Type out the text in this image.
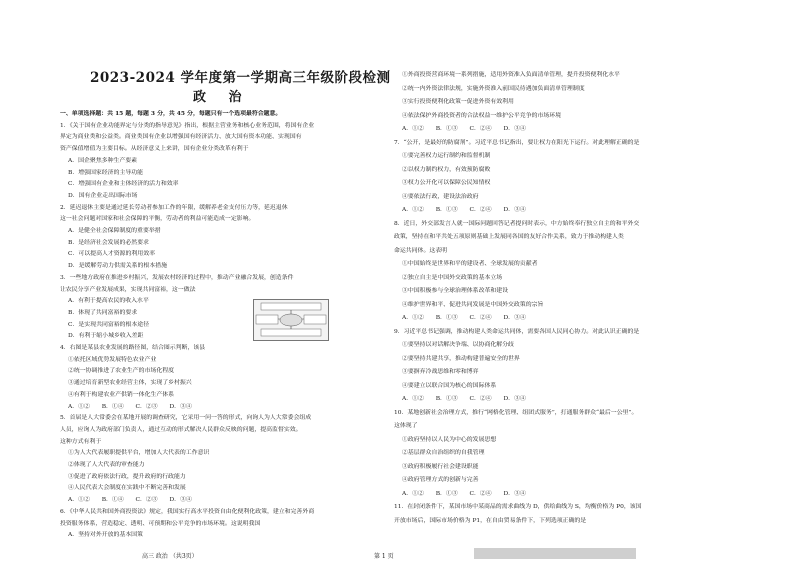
2023-2024 学年度第一学期高三年级阶段检测
政 治
一、单项选择题：共 15 题，每题 3 分，共 45 分，每题只有一个选项最符合题意。
1．《关于国有企业功能界定与分类的指导意见》指出，根据主营业务和核心业务范围，将国有企业
界定为商业类和公益类。商业类国有企业以增强国有经济活力、放大国有资本功能、实现国有
资产保值增值为主要目标。从经济意义上来讲，国有企业分类改革有利于
A．国企聚焦多种生产要素
B．增强国家经济的主导功能
C．增强国有企业和主体经济的活力和效率
D．国有企业走出国际市场
2．延迟退休主要是通过延长劳动者参加工作的年限，缓解养老金支付压力等，延迟退休
这一社会问题对国家和社会保障的平衡，劳动者的利益可能造成一定影响。
A．是健全社会保障制度的重要举措
B．是经济社会发展的必然要求
C．可以提高人才资源的利用效率
D．是缓解劳动力供需关系的根本措施
3．一些地方政府在推进乡村振兴，发展农村经济的过程中，推动产业融合发展，创造条件
让农民分享产业发展成果，实现共同富裕，这一做法
A．有利于提高农民的收入水平
B．体现了共同富裕的要求
C．是实现共同富裕的根本途径
D．有利于缩小城乡收入差距
4．右图是某县农业发展的路径图，结合图示判断，该县
①依托区域优势发展特色农业产业
②统一协调推进了农业生产的市场化程度
③通过培育新型农业经营主体，实现了乡村振兴
④有利于构建农业产供销一体化生产体系
A．①②　　B．①④　　C．②③　　D．③④
5．首届是人大常委会在某地开展的调查研究，它采用一问一答的形式，向询人为人大常委会组成
人员，应询人为政府部门负责人，通过互动的形式解决人民群众反映的问题，提高监督实效。
这种方式有利于
①为人大代表履职提供平台，增加人大代表的工作意识
②体现了人大代表的审查能力
③促进了政府依法行政，提升政府的行政能力
④人民代表大会制度在实践中不断完善和发展
A．①②　　B．①④　　C．②③　　D．③④
6．《中华人民共和国外商投资法》规定，我国实行高水平投资自由化便利化政策，建立和完善外商
投资服务体系，营造稳定、透明、可预期和公平竞争的市场环境。这说明我国
A．坚持对外开放的基本国策
①外商投资营商环境一系列措施，适用外资准入负面清单管理，提升投资便利化水平
②统一内外资法律法规，实施外资准入前国民待遇加负面清单管理制度
③实行投资便利化政策一促进外资有效利用
④依法保护外商投资者的合法权益一维护公平竞争的市场环境
A．①②　　B．①③　　C．②④　　D．③④
7．“公开，是最好的防腐剂”。习近平总书记指出，要让权力在阳光下运行。对此理解正确的是
①要完善权力运行制约和监督机制
②以权力制约权力，有效预防腐败
③权力公开化可以保障公民知情权
④要依法行政，建设法治政府
A．①②　　B．①③　　C．②④　　D．③④
8．近日，外交部发言人就一国际问题回答记者提问时表示，中方始终奉行独立自主的和平外交
政策，坚持在和平共处五项原则基础上发展同各国的友好合作关系，致力于推动构建人类
命运共同体。这表明
①中国始终是世界和平的建设者、全球发展的贡献者
②独立自主是中国外交政策的基本立场
③中国积极参与全球治理体系改革和建设
④维护世界和平、促进共同发展是中国外交政策的宗旨
A．①②　　B．①③　　C．②④　　D．③④
9．习近平总书记强调，推动构建人类命运共同体，需要各国人民同心协力。对此认识正确的是
①要坚持以对话解决争端、以协商化解分歧
②要坚持共建共享，推动构建普遍安全的世界
③要摒弃冷战思维和零和博弈
④要建立以联合国为核心的国际体系
A．①②　　B．①③　　C．②④　　D．③④
10．某地创新社会治理方式，推行“网格化管理、组团式服务”，打通服务群众“最后一公里”。
这体现了
①政府坚持以人民为中心的发展思想
②基层群众自治组织的自我管理
③政府积极履行社会建设职能
④政府管理方式的创新与完善
A．①②　　B．①③　　C．②④　　D．③④
11．在封闭条件下，某国市场中某商品的需求曲线为 D，供给曲线为 S，均衡价格为 P0，该国
开放市场后，国际市场价格为 P1，在自由贸易条件下，下列选项正确的是
高三 政治 （共3页）	第 1 页
